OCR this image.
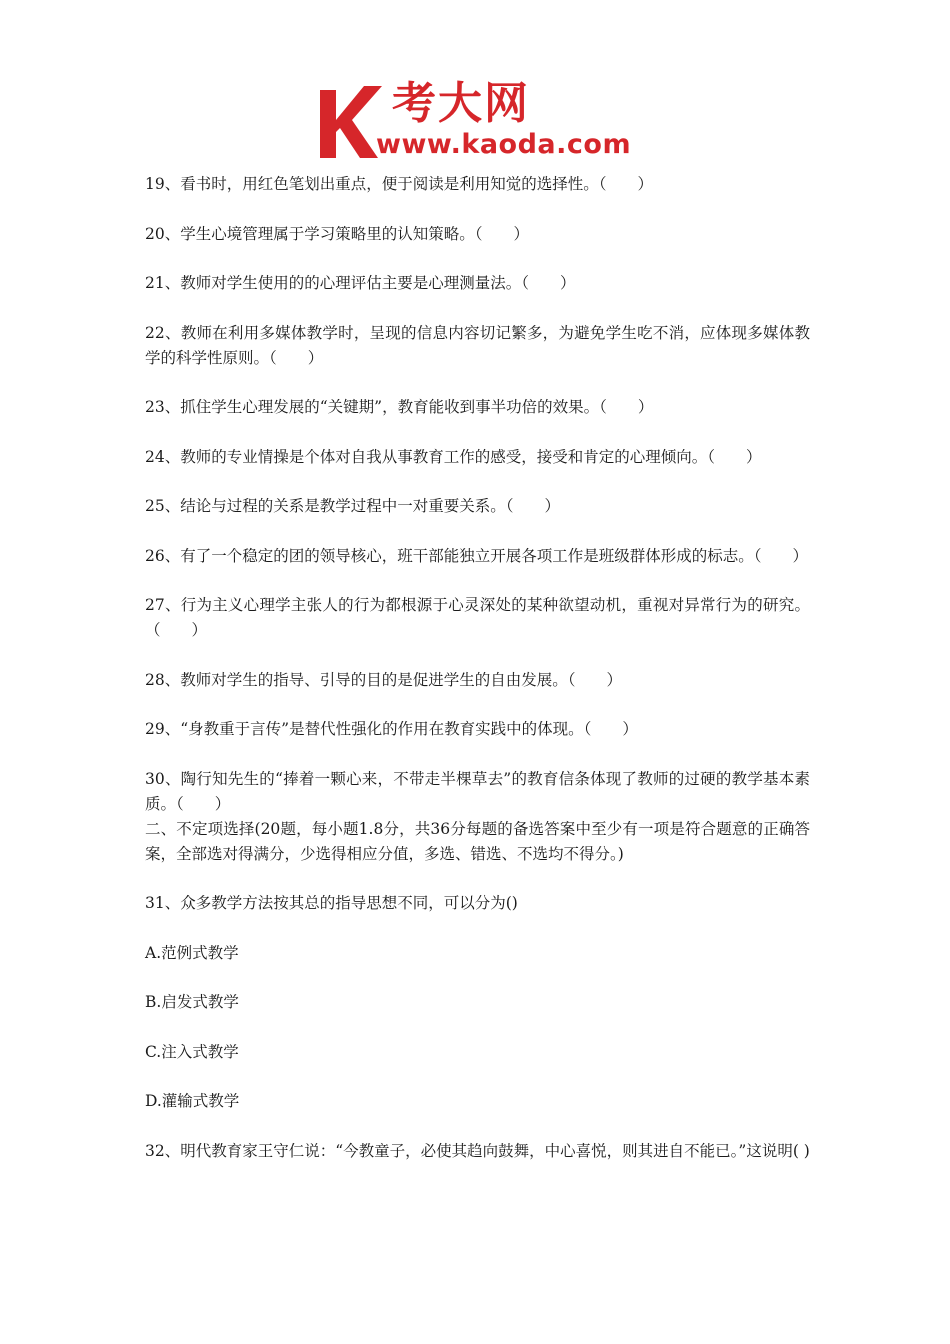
考大网
www.kaoda.com

19、看书时，用红色笔划出重点，便于阅读是利用知觉的选择性。（　　）

20、学生心境管理属于学习策略里的认知策略。（　　）

21、教师对学生使用的的心理评估主要是心理测量法。（　　）

22、教师在利用多媒体教学时，呈现的信息内容切记繁多，为避免学生吃不消，应体现多媒体教学的科学性原则。（　　）

23、抓住学生心理发展的“关键期”，教育能收到事半功倍的效果。（　　）

24、教师的专业情操是个体对自我从事教育工作的感受，接受和肯定的心理倾向。（　　）

25、结论与过程的关系是教学过程中一对重要关系。（　　）

26、有了一个稳定的团的领导核心，班干部能独立开展各项工作是班级群体形成的标志。（　　）

27、行为主义心理学主张人的行为都根源于心灵深处的某种欲望动机，重视对异常行为的研究。（　　）

28、教师对学生的指导、引导的目的是促进学生的自由发展。（　　）

29、“身教重于言传”是替代性强化的作用在教育实践中的体现。（　　）

30、陶行知先生的“捧着一颗心来，不带走半棵草去”的教育信条体现了教师的过硬的教学基本素质。（　　）

二、不定项选择(20题，每小题1.8分，共36分每题的备选答案中至少有一项是符合题意的正确答案，全部选对得满分，少选得相应分值，多选、错选、不选均不得分。)

31、众多教学方法按其总的指导思想不同，可以分为()

A.范例式教学

B.启发式教学

C.注入式教学

D.灌输式教学

32、明代教育家王守仁说：“今教童子，必使其趋向鼓舞，中心喜悦，则其进自不能已。”这说明( )
